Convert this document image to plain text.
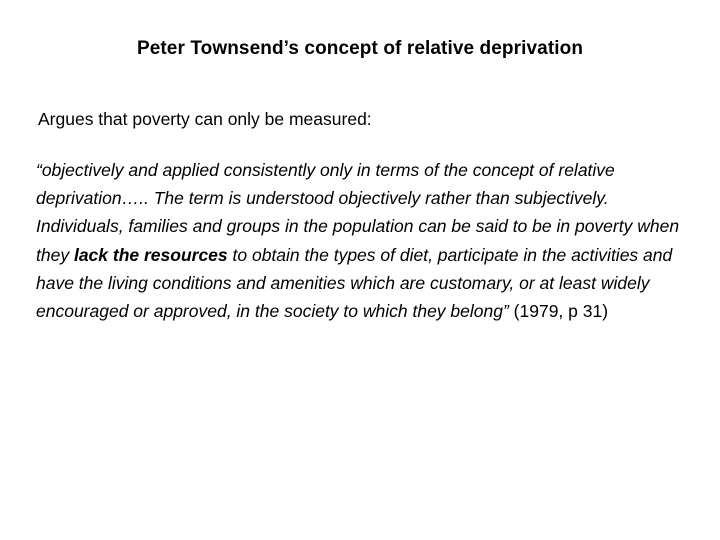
Peter Townsend’s concept of relative deprivation

Argues that poverty can only be measured:

“objectively and applied consistently only in terms of the concept of relative deprivation….. The term is understood objectively rather than subjectively. Individuals, families and groups in the population can be said to be in poverty when they lack the resources to obtain the types of diet, participate in the activities and have the living conditions and amenities which are customary, or at least widely encouraged or approved, in the society to which they belong” (1979, p 31)
